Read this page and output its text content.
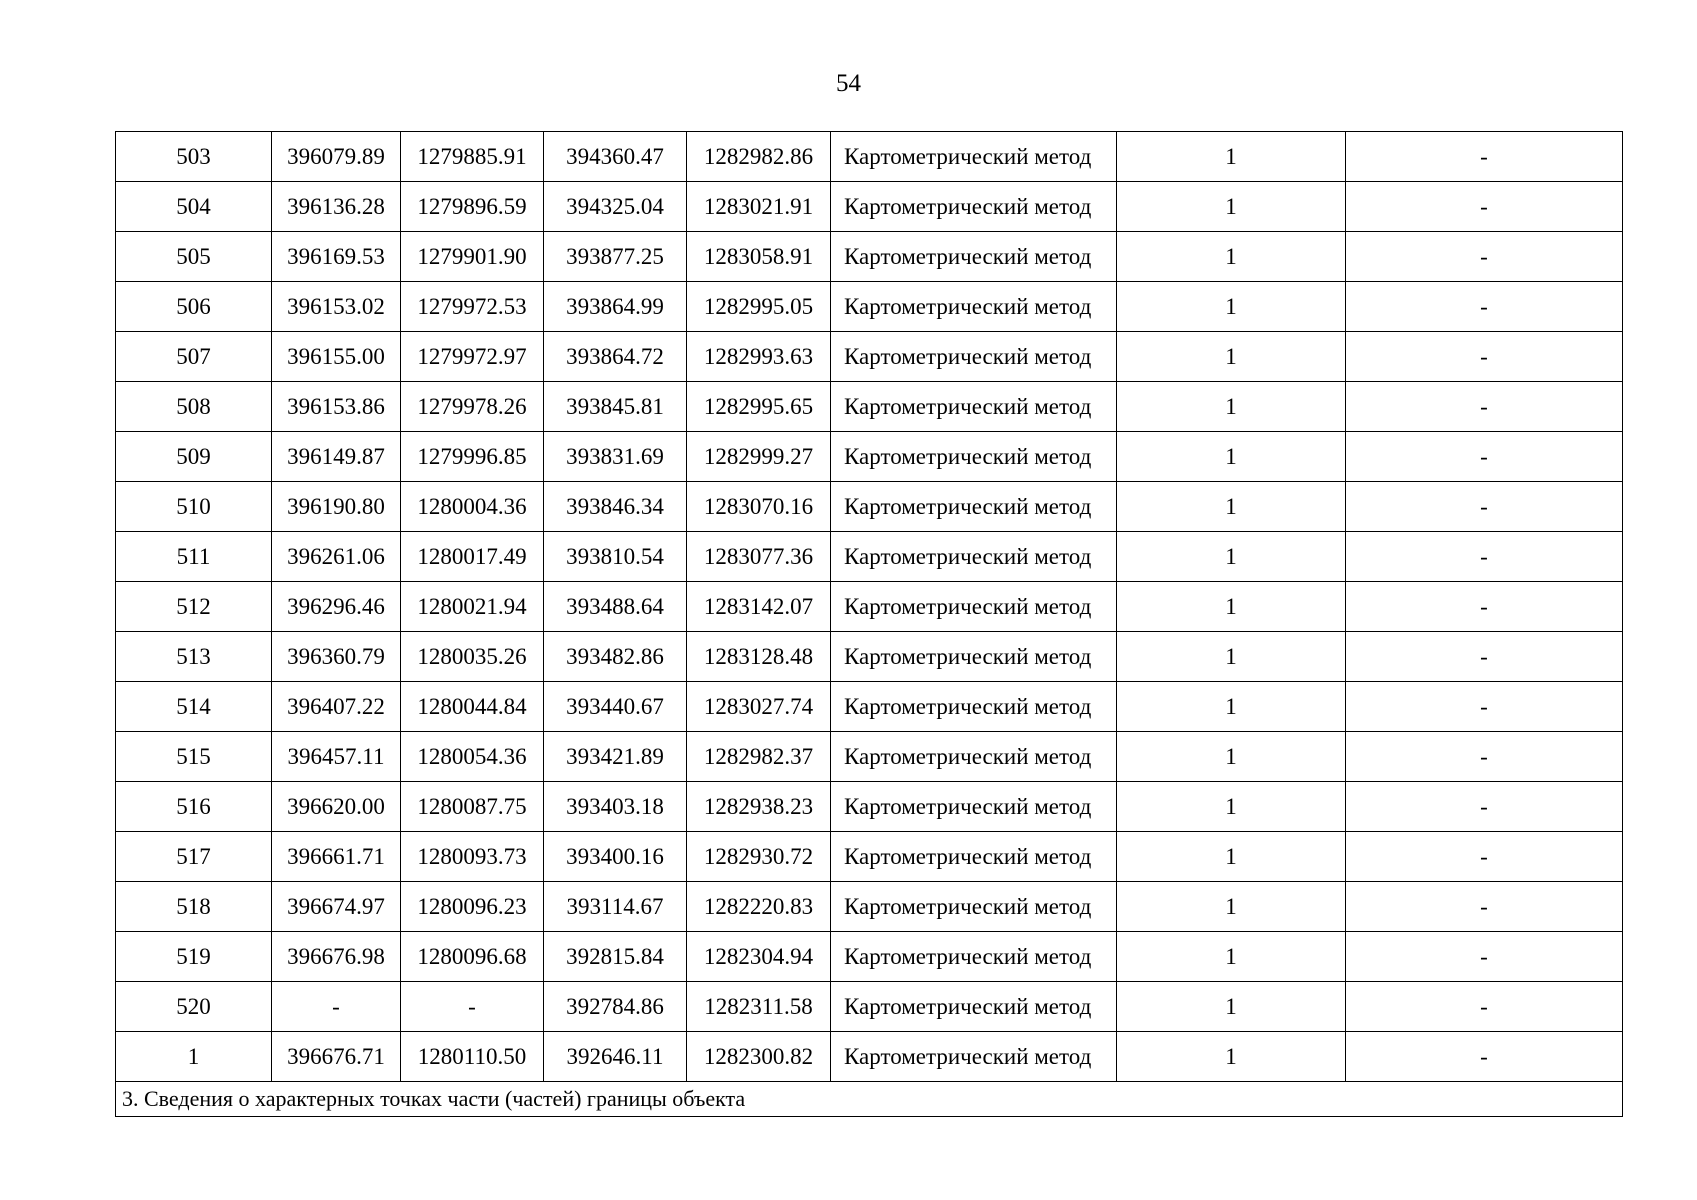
54
503	396079.89	1279885.91	394360.47	1282982.86	Картометрический метод	1	-
504	396136.28	1279896.59	394325.04	1283021.91	Картометрический метод	1	-
505	396169.53	1279901.90	393877.25	1283058.91	Картометрический метод	1	-
506	396153.02	1279972.53	393864.99	1282995.05	Картометрический метод	1	-
507	396155.00	1279972.97	393864.72	1282993.63	Картометрический метод	1	-
508	396153.86	1279978.26	393845.81	1282995.65	Картометрический метод	1	-
509	396149.87	1279996.85	393831.69	1282999.27	Картометрический метод	1	-
510	396190.80	1280004.36	393846.34	1283070.16	Картометрический метод	1	-
511	396261.06	1280017.49	393810.54	1283077.36	Картометрический метод	1	-
512	396296.46	1280021.94	393488.64	1283142.07	Картометрический метод	1	-
513	396360.79	1280035.26	393482.86	1283128.48	Картометрический метод	1	-
514	396407.22	1280044.84	393440.67	1283027.74	Картометрический метод	1	-
515	396457.11	1280054.36	393421.89	1282982.37	Картометрический метод	1	-
516	396620.00	1280087.75	393403.18	1282938.23	Картометрический метод	1	-
517	396661.71	1280093.73	393400.16	1282930.72	Картометрический метод	1	-
518	396674.97	1280096.23	393114.67	1282220.83	Картометрический метод	1	-
519	396676.98	1280096.68	392815.84	1282304.94	Картометрический метод	1	-
520	-	-	392784.86	1282311.58	Картометрический метод	1	-
1	396676.71	1280110.50	392646.11	1282300.82	Картометрический метод	1	-
3. Сведения о характерных точках части (частей) границы объекта							
